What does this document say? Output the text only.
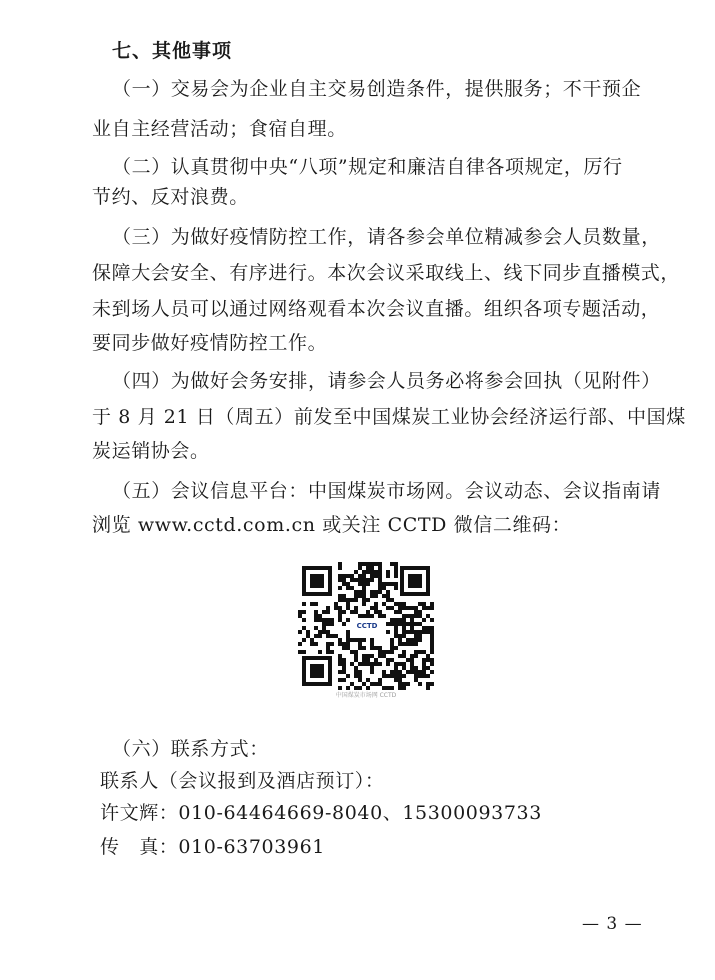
七、其他事项
（一）交易会为企业自主交易创造条件，提供服务；不干预企
业自主经营活动；食宿自理。
（二）认真贯彻中央“八项”规定和廉洁自律各项规定，厉行
节约、反对浪费。
（三）为做好疫情防控工作，请各参会单位精减参会人员数量，
保障大会安全、有序进行。本次会议采取线上、线下同步直播模式，
未到场人员可以通过网络观看本次会议直播。组织各项专题活动，
要同步做好疫情防控工作。
（四）为做好会务安排，请参会人员务必将参会回执（见附件）
于 8 月 21 日（周五）前发至中国煤炭工业协会经济运行部、中国煤
炭运销协会。
（五）会议信息平台：中国煤炭市场网。会议动态、会议指南请
浏览 www.cctd.com.cn 或关注 CCTD 微信二维码：
CCTD
中国煤炭市场网 CCTD
（六）联系方式：
联系人（会议报到及酒店预订）：
许文辉：010-64464669-8040、15300093733
传　真：010-63703961
— 3 —
